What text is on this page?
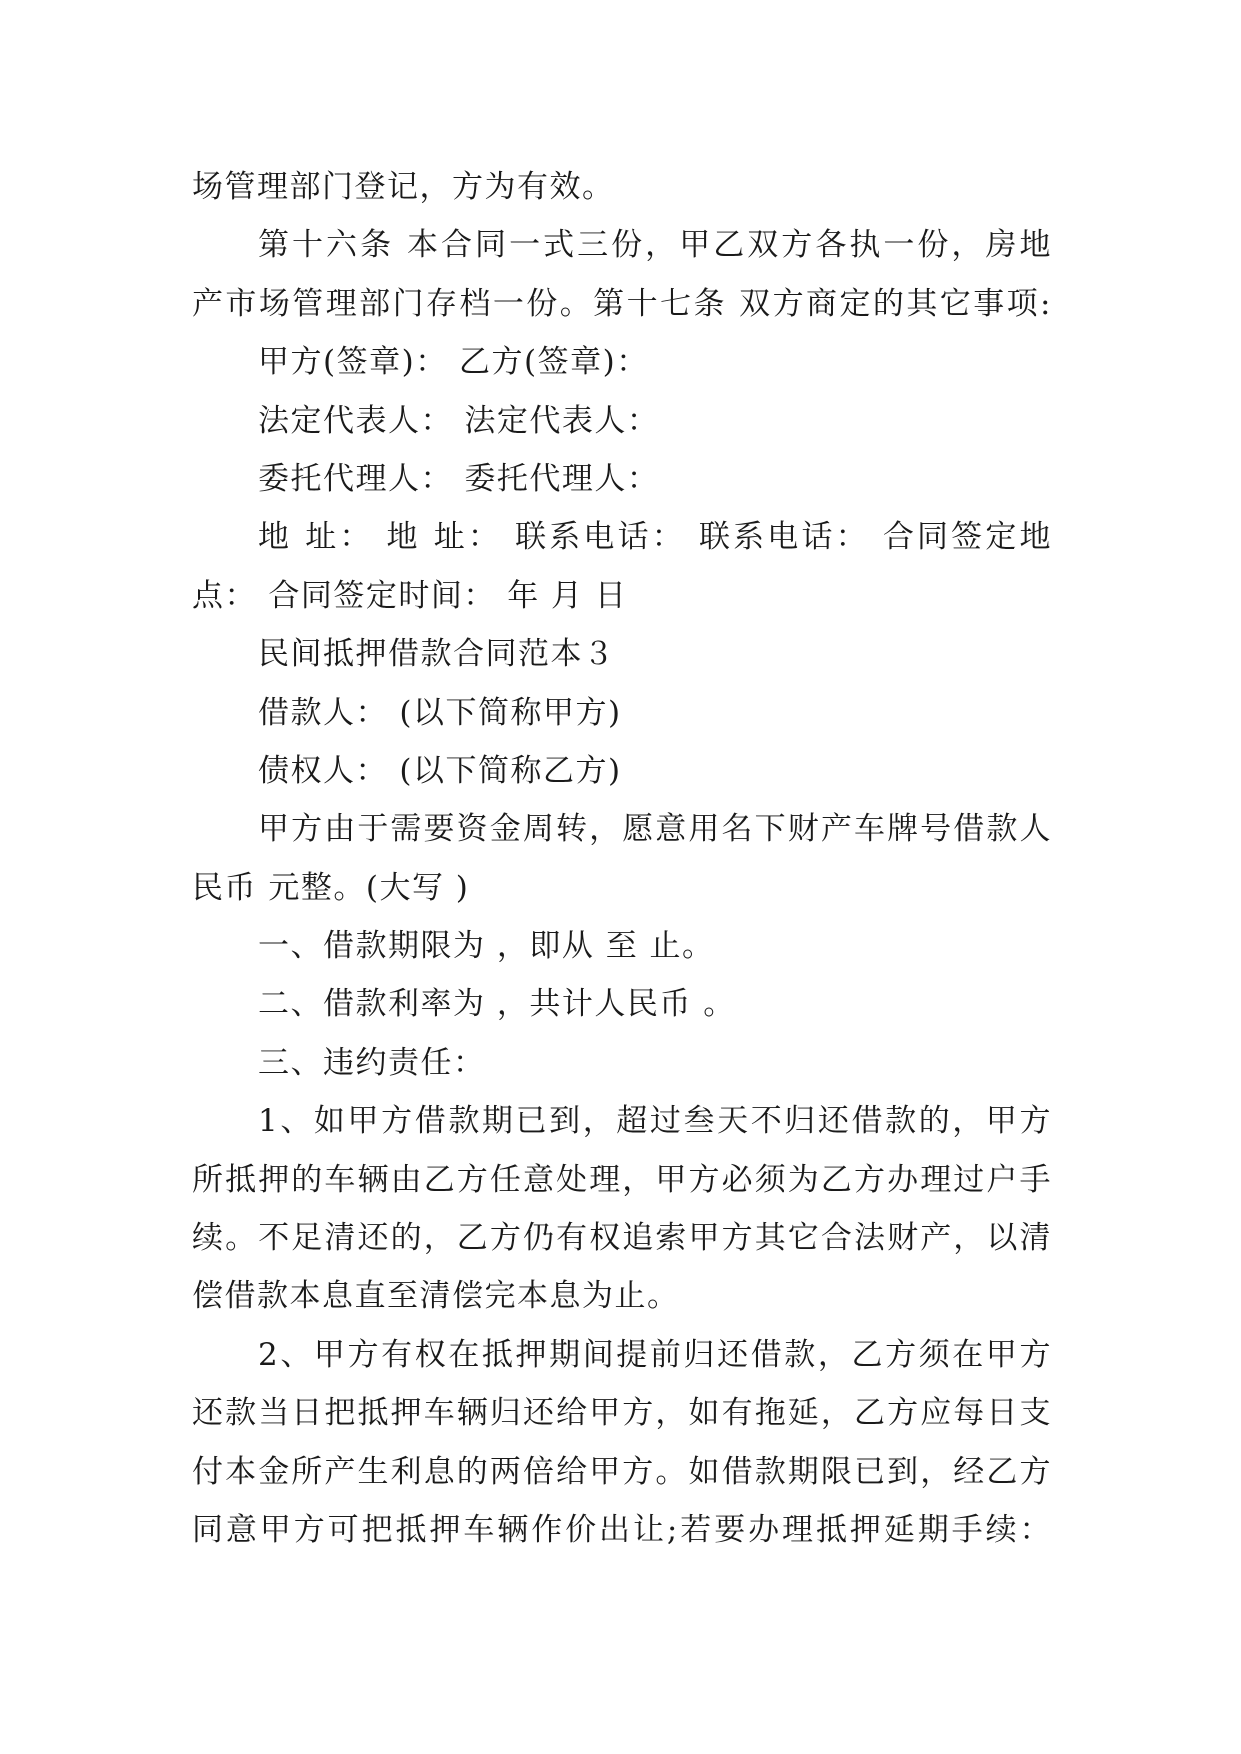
场管理部门登记，方为有效。
第十六条 本合同一式三份，甲乙双方各执一份，房地
产市场管理部门存档一份。第十七条 双方商定的其它事项:
甲方(签章)： 乙方(签章)：
法定代表人： 法定代表人：
委托代理人： 委托代理人：
地 址： 地 址： 联系电话： 联系电话： 合同签定地
点： 合同签定时间： 年 月 日
民间抵押借款合同范本３
借款人： (以下简称甲方)
债权人： (以下简称乙方)
甲方由于需要资金周转，愿意用名下财产车牌号借款人
民币 元整。(大写 )
一、借款期限为 ，即从 至 止。
二、借款利率为 ，共计人民币 。
三、违约责任：
1、如甲方借款期已到，超过叁天不归还借款的，甲方
所抵押的车辆由乙方任意处理，甲方必须为乙方办理过户手
续。不足清还的，乙方仍有权追索甲方其它合法财产，以清
偿借款本息直至清偿完本息为止。
2、甲方有权在抵押期间提前归还借款，乙方须在甲方
还款当日把抵押车辆归还给甲方，如有拖延，乙方应每日支
付本金所产生利息的两倍给甲方。如借款期限已到，经乙方
同意甲方可把抵押车辆作价出让;若要办理抵押延期手续：
